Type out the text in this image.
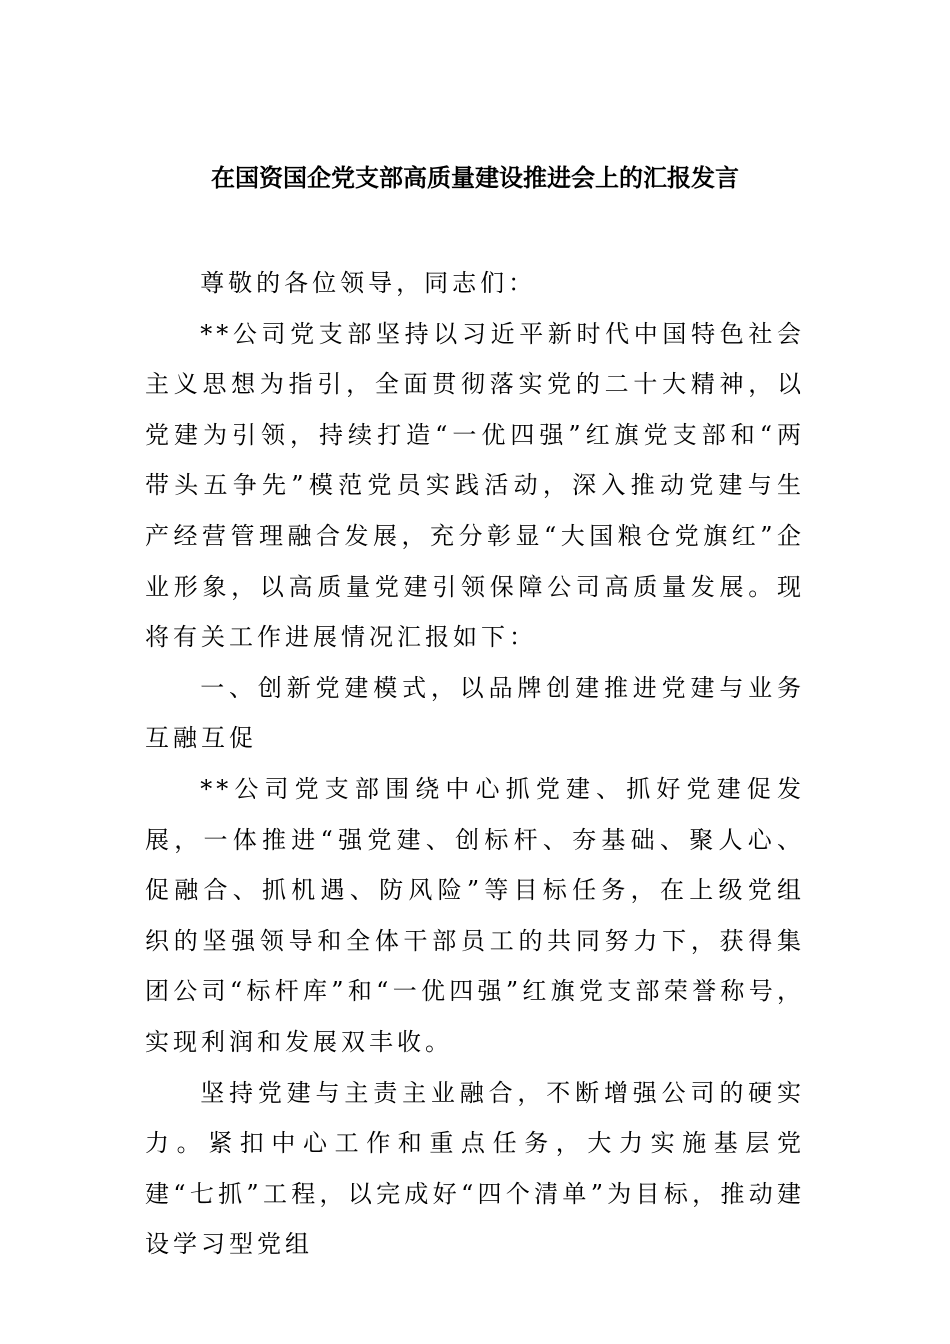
在国资国企党支部高质量建设推进会上的汇报发言

尊敬的各位领导，同志们：

**公司党支部坚持以习近平新时代中国特色社会主义思想为指引，全面贯彻落实党的二十大精神，以党建为引领，持续打造“一优四强”红旗党支部和“两带头五争先”模范党员实践活动，深入推动党建与生产经营管理融合发展，充分彰显“大国粮仓党旗红”企业形象，以高质量党建引领保障公司高质量发展。现将有关工作进展情况汇报如下：

一、创新党建模式，以品牌创建推进党建与业务互融互促

**公司党支部围绕中心抓党建、抓好党建促发展，一体推进“强党建、创标杆、夯基础、聚人心、促融合、抓机遇、防风险”等目标任务，在上级党组织的坚强领导和全体干部员工的共同努力下，获得集团公司“标杆库”和“一优四强”红旗党支部荣誉称号，实现利润和发展双丰收。

坚持党建与主责主业融合，不断增强公司的硬实力。紧扣中心工作和重点任务，大力实施基层党建“七抓”工程，以完成好“四个清单”为目标，推动建设学习型党组
